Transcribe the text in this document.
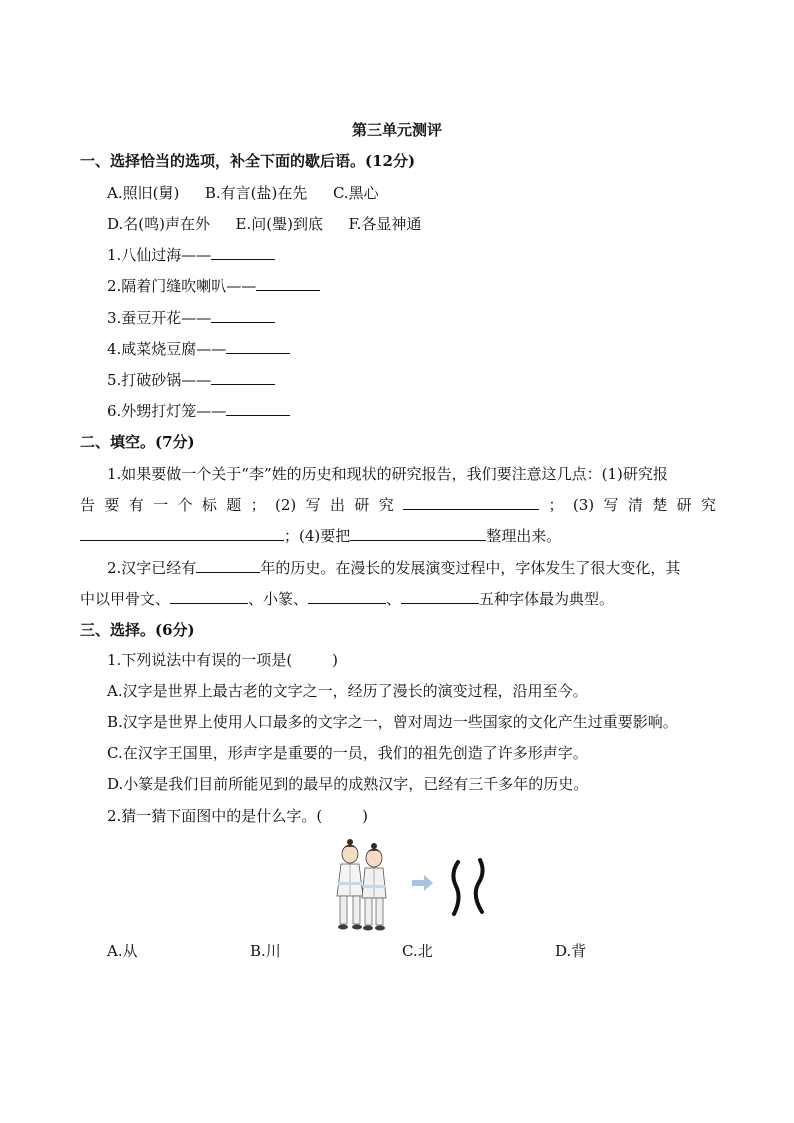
第三单元测评
一、选择恰当的选项，补全下面的歇后语。(12分)
A.照旧(舅) B.有言(盐)在先 C.黑心
D.名(鸣)声在外 E.问(璺)到底 F.各显神通
1.八仙过海——
2.隔着门缝吹喇叭——
3.蚕豆开花——
4.咸菜烧豆腐——
5.打破砂锅——
6.外甥打灯笼——
二、填空。(7分)
1.如果要做一个关于“李”姓的历史和现状的研究报告，我们要注意这几点：(1)研究报
告 要 有 一 个 标 题 ； (2) 写 出 研 究	； (3) 写 清 楚 研 究
；(4)要把	整理出来。
2.汉字已经有	年的历史。在漫长的发展演变过程中，字体发生了很大变化，其
中以甲骨文、	、小篆、	、	五种字体最为典型。
三、选择。(6分)
1.下列说法中有误的一项是(	)
A.汉字是世界上最古老的文字之一，经历了漫长的演变过程，沿用至今。
B.汉字是世界上使用人口最多的文字之一，曾对周边一些国家的文化产生过重要影响。
C.在汉字王国里，形声字是重要的一员，我们的祖先创造了许多形声字。
D.小篆是我们目前所能见到的最早的成熟汉字，已经有三千多年的历史。
2.猜一猜下面图中的是什么字。(	)
A.从	B.川	C.北	D.背
